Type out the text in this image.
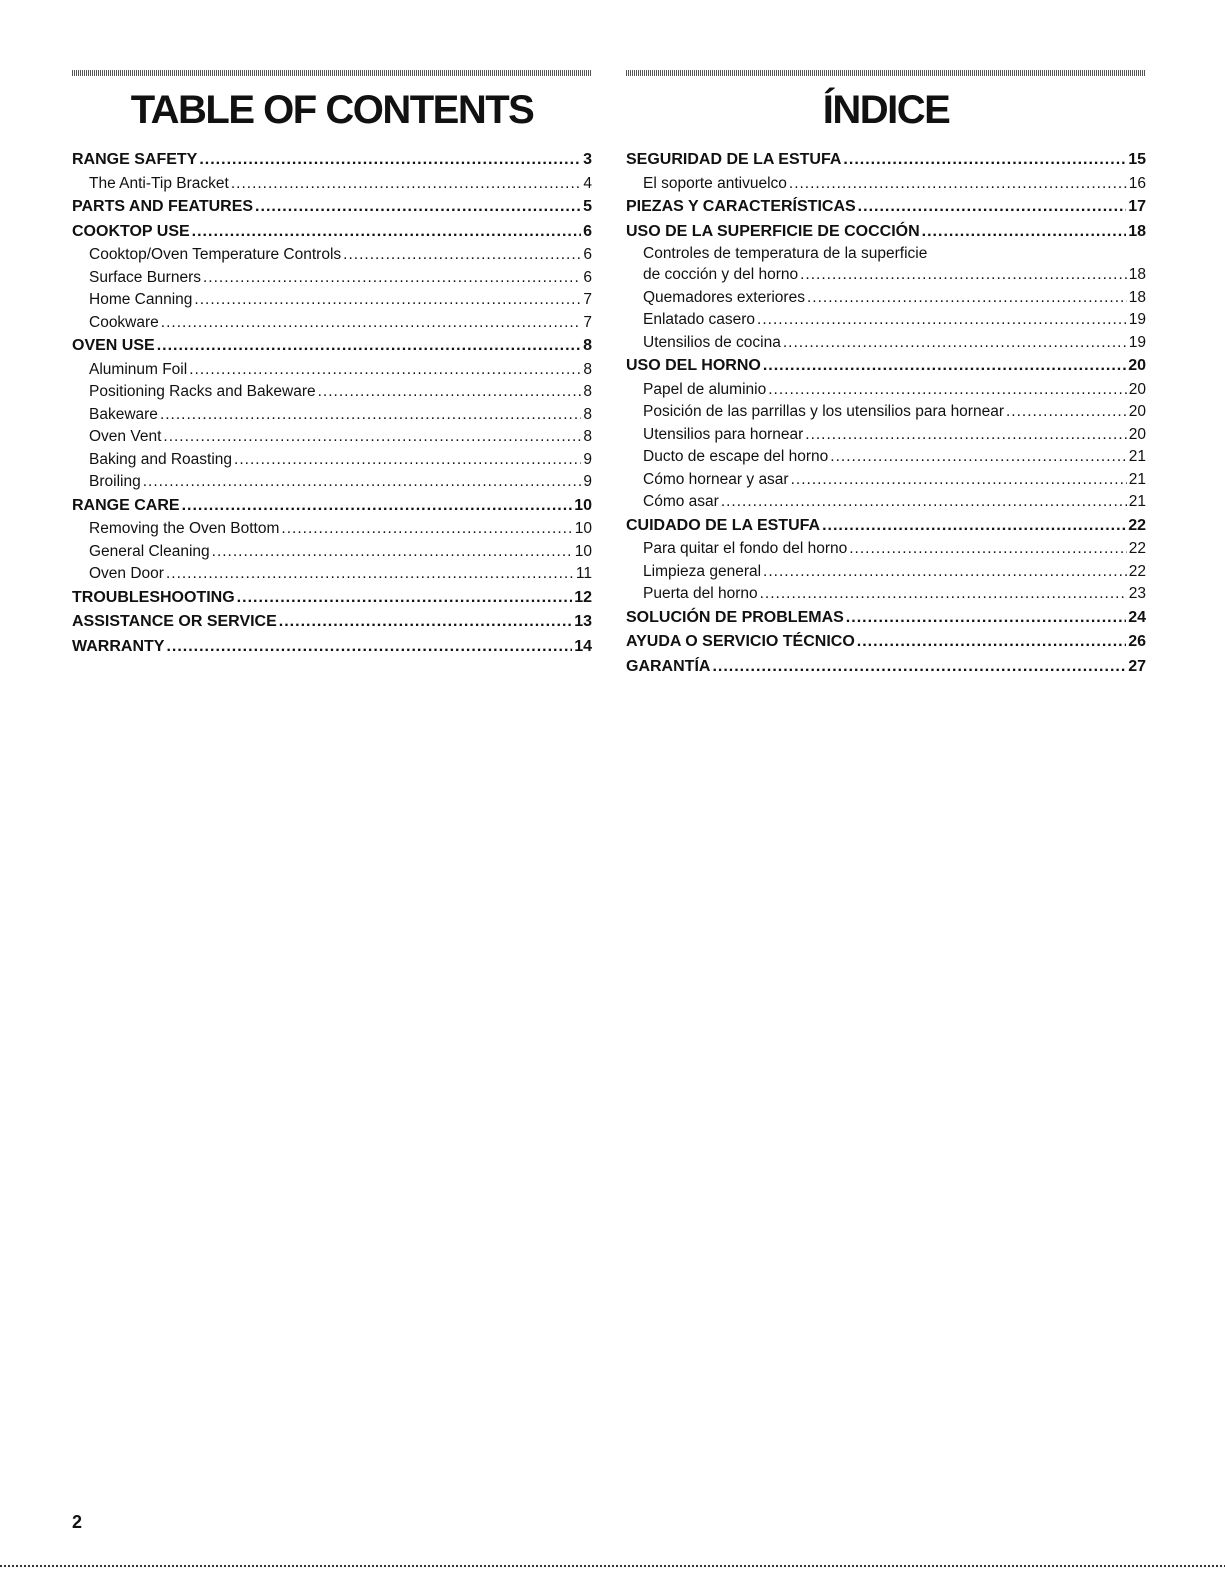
TABLE OF CONTENTS
RANGE SAFETY .....	3
The Anti-Tip Bracket .....	4
PARTS AND FEATURES .....	5
COOKTOP USE .....	6
Cooktop/Oven Temperature Controls .....	6
Surface Burners .....	6
Home Canning .....	7
Cookware .....	7
OVEN USE .....	8
Aluminum Foil .....	8
Positioning Racks and Bakeware .....	8
Bakeware .....	8
Oven Vent .....	8
Baking and Roasting .....	9
Broiling .....	9
RANGE CARE .....	10
Removing the Oven Bottom .....	10
General Cleaning .....	10
Oven Door .....	11
TROUBLESHOOTING .....	12
ASSISTANCE OR SERVICE .....	13
WARRANTY .....	14
ÍNDICE
SEGURIDAD DE LA ESTUFA .....	15
El soporte antivuelco .....	16
PIEZAS Y CARACTERÍSTICAS .....	17
USO DE LA SUPERFICIE DE COCCIÓN .....	18
Controles de temperatura de la superficie
de cocción y del horno .....	18
Quemadores exteriores .....	18
Enlatado casero .....	19
Utensilios de cocina .....	19
USO DEL HORNO .....	20
Papel de aluminio .....	20
Posición de las parrillas y los utensilios para hornear .....	20
Utensilios para hornear .....	20
Ducto de escape del horno .....	21
Cómo hornear y asar .....	21
Cómo asar .....	21
CUIDADO DE LA ESTUFA .....	22
Para quitar el fondo del horno .....	22
Limpieza general .....	22
Puerta del horno .....	23
SOLUCIÓN DE PROBLEMAS .....	24
AYUDA O SERVICIO TÉCNICO .....	26
GARANTÍA .....	27
2
